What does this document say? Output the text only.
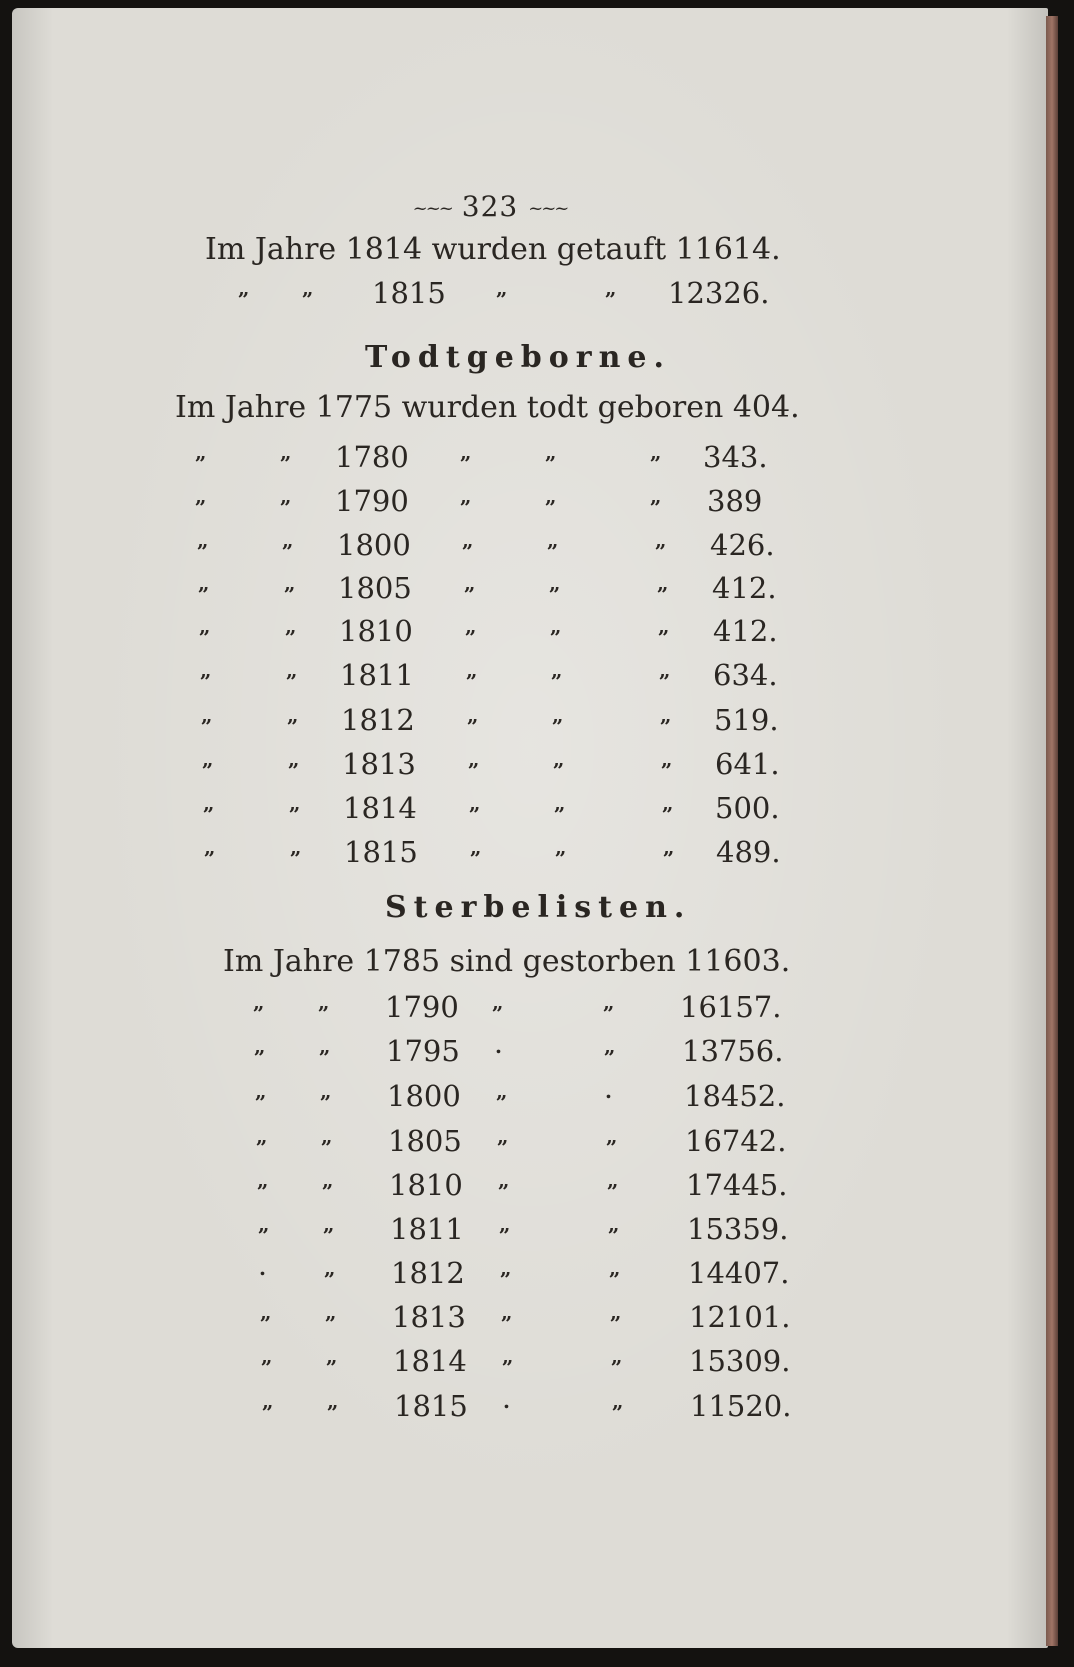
~~~ 323 ~~~
Im Jahre 1814 wurden getauft 11614.
„	„ 1815	„	„ 12326.
Todtgeborne.
Im Jahre 1775 wurden todt geboren 404.
„	„ 1780	„	„	„ 343.
„	„ 1790	„	„	„ 389
„	„ 1800	„	„	„ 426.
„	„ 1805	„	„	„ 412.
„	„ 1810	„	„	„ 412.
„	„ 1811	„	„	„ 634.
„	„ 1812	„	„	„ 519.
„	„ 1813	„	„	„ 641.
„	„ 1814	„	„	„ 500.
„	„ 1815	„	„	„ 489.
Sterbelisten.
Im Jahre 1785 sind gestorben 11603.
„	„ 1790 „	„ 16157.
„	„ 1795 .	„ 13756.
„	„ 1800 „	. 18452.
„	„ 1805 „	„ 16742.
„	„ 1810 „	„ 17445.
„	„ 1811 „	„ 15359.
.	„ 1812 „	„ 14407.
„	„ 1813 „	„ 12101.
„	„ 1814 „	„ 15309.
„	„ 1815 .	„ 11520.
